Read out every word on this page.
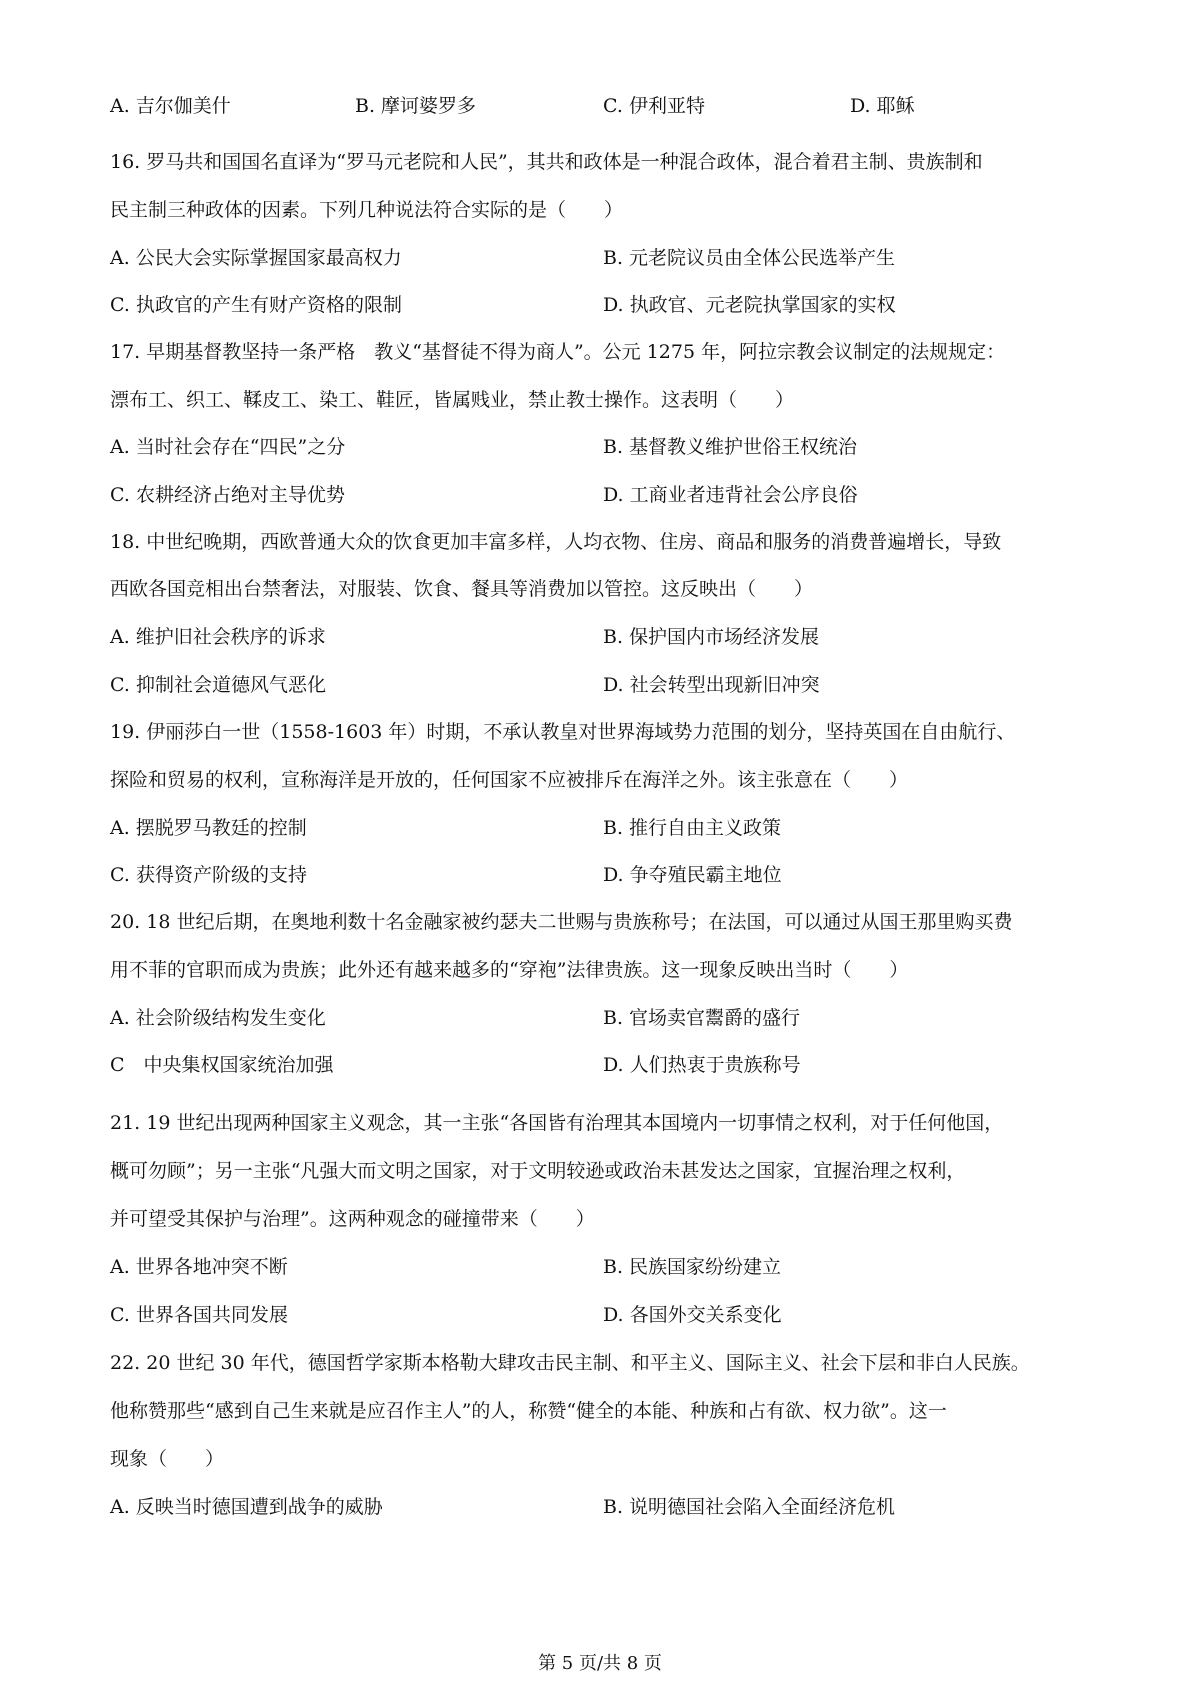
A. 吉尔伽美什	B. 摩诃婆罗多	C. 伊利亚特	D. 耶稣
16. 罗马共和国国名直译为“罗马元老院和人民”，其共和政体是一种混合政体，混合着君主制、贵族制和
民主制三种政体的因素。下列几种说法符合实际的是（　　）
A. 公民大会实际掌握国家最高权力	B. 元老院议员由全体公民选举产生
C. 执政官的产生有财产资格的限制	D. 执政官、元老院执掌国家的实权
17. 早期基督教坚持一条严格　教义“基督徒不得为商人”。公元 1275 年，阿拉宗教会议制定的法规规定：
漂布工、织工、鞣皮工、染工、鞋匠，皆属贱业，禁止教士操作。这表明（　　）
A. 当时社会存在“四民”之分	B. 基督教义维护世俗王权统治
C. 农耕经济占绝对主导优势	D. 工商业者违背社会公序良俗
18. 中世纪晚期，西欧普通大众的饮食更加丰富多样，人均衣物、住房、商品和服务的消费普遍增长，导致
西欧各国竞相出台禁奢法，对服装、饮食、餐具等消费加以管控。这反映出（　　）
A. 维护旧社会秩序的诉求	B. 保护国内市场经济发展
C. 抑制社会道德风气恶化	D. 社会转型出现新旧冲突
19. 伊丽莎白一世（1558-1603 年）时期，不承认教皇对世界海域势力范围的划分，坚持英国在自由航行、
探险和贸易的权利，宣称海洋是开放的，任何国家不应被排斥在海洋之外。该主张意在（　　）
A. 摆脱罗马教廷的控制	B. 推行自由主义政策
C. 获得资产阶级的支持	D. 争夺殖民霸主地位
20. 18 世纪后期，在奥地利数十名金融家被约瑟夫二世赐与贵族称号；在法国，可以通过从国王那里购买费
用不菲的官职而成为贵族；此外还有越来越多的“穿袍”法律贵族。这一现象反映出当时（　　）
A. 社会阶级结构发生变化	B. 官场卖官鬻爵的盛行
C　中央集权国家统治加强	D. 人们热衷于贵族称号
21. 19 世纪出现两种国家主义观念，其一主张“各国皆有治理其本国境内一切事情之权利，对于任何他国，
概可勿顾”；另一主张“凡强大而文明之国家，对于文明较逊或政治未甚发达之国家，宜握治理之权利，
并可望受其保护与治理”。这两种观念的碰撞带来（　　）
A. 世界各地冲突不断	B. 民族国家纷纷建立
C. 世界各国共同发展	D. 各国外交关系变化
22. 20 世纪 30 年代，德国哲学家斯本格勒大肆攻击民主制、和平主义、国际主义、社会下层和非白人民族。
他称赞那些“感到自己生来就是应召作主人”的人，称赞“健全的本能、种族和占有欲、权力欲”。这一
现象（　　）
A. 反映当时德国遭到战争的威胁	B. 说明德国社会陷入全面经济危机
第 5 页/共 8 页
